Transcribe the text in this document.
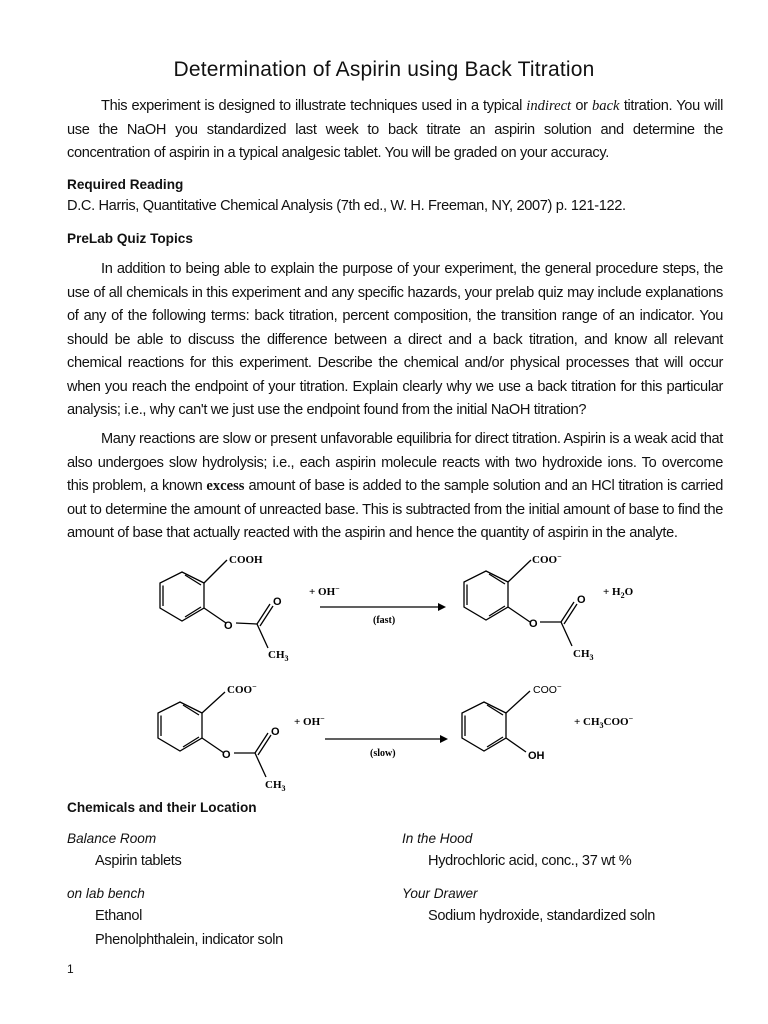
Determination of Aspirin using Back Titration

This experiment is designed to illustrate techniques used in a typical indirect or back titration. You will use the NaOH you standardized last week to back titrate an aspirin solution and determine the concentration of aspirin in a typical analgesic tablet. You will be graded on your accuracy.

Required Reading

D.C. Harris, Quantitative Chemical Analysis (7th ed., W. H. Freeman, NY, 2007) p. 121-122.

PreLab Quiz Topics

In addition to being able to explain the purpose of your experiment, the general procedure steps, the use of all chemicals in this experiment and any specific hazards, your prelab quiz may include explanations of any of the following terms: back titration, percent composition, the transition range of an indicator. You should be able to discuss the difference between a direct and a back titration, and know all relevant chemical reactions for this experiment. Describe the chemical and/or physical processes that will occur when you reach the endpoint of your titration. Explain clearly why we use a back titration for this particular analysis; i.e., why can't we just use the endpoint found from the initial NaOH titration?

Many reactions are slow or present unfavorable equilibria for direct titration. Aspirin is a weak acid that also undergoes slow hydrolysis; i.e., each aspirin molecule reacts with two hydroxide ions. To overcome this problem, a known excess amount of base is added to the sample solution and an HCl titration is carried out to determine the amount of unreacted base. This is subtracted from the initial amount of base to find the amount of base that actually reacted with the aspirin and hence the quantity of aspirin in the analyte.

COOH
+ OH−
(fast)
$CH_3$
COO−
+ $H_2O$
$CH_3$
COO−
+ OH−
(slow)
$CH_3$
+ $CH_3COO^-$
O
O
O
O
O
O	OH
COO−
Chemicals and their Location
Balance Room
Aspirin tablets
In the Hood
Hydrochloric acid, conc., 37 wt %
on lab bench
Ethanol
Phenolphthalein, indicator soln
Your Drawer
Sodium hydroxide, standardized soln
1
